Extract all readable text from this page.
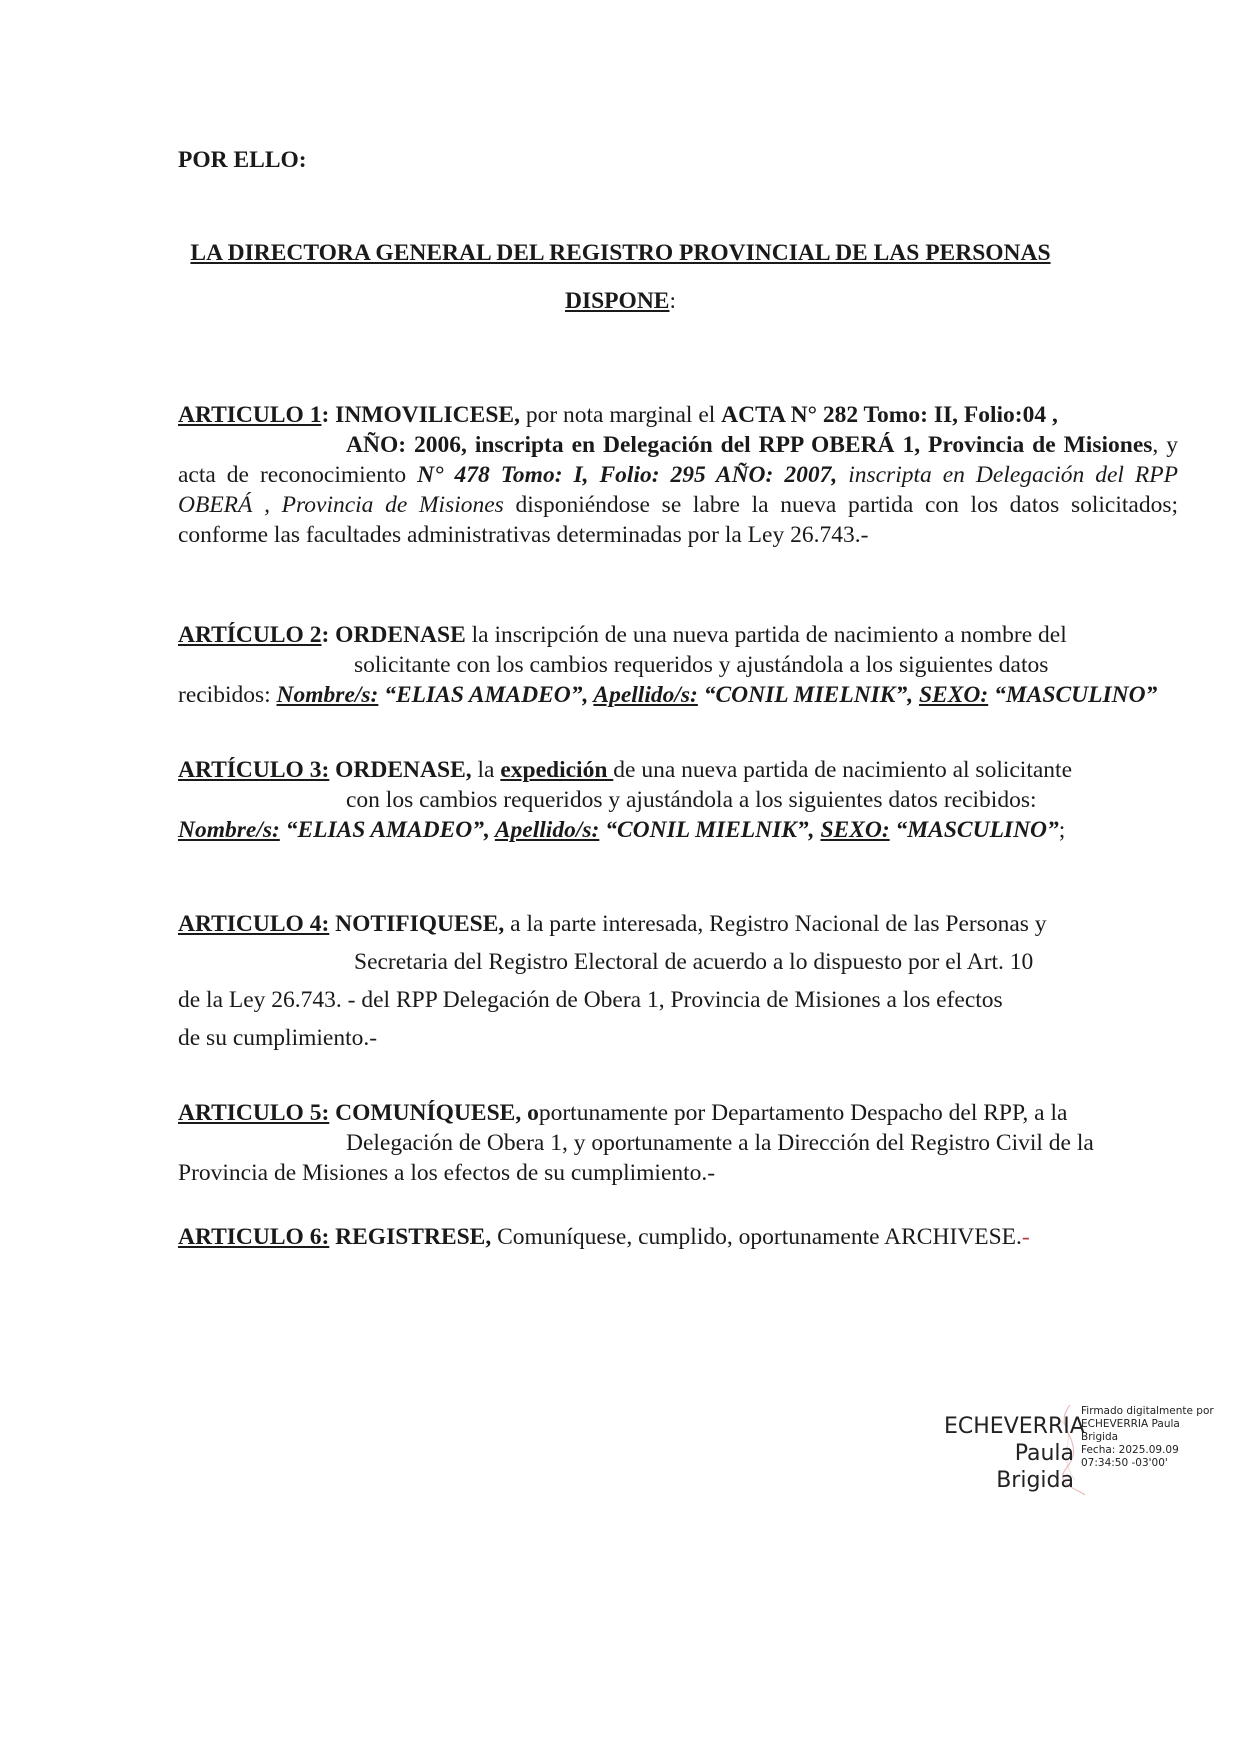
POR ELLO:
LA DIRECTORA GENERAL DEL REGISTRO PROVINCIAL DE LAS PERSONAS
DISPONE:
ARTICULO 1: INMOVILICESE, por nota marginal el ACTA N° 282 Tomo: II, Folio:04 ,
AÑO: 2006, inscripta en Delegación del RPP OBERÁ 1, Provincia de Misiones, y acta de reconocimiento N° 478 Tomo: I, Folio: 295 AÑO: 2007, inscripta en Delegación del RPP OBERÁ , Provincia de Misiones disponiéndose se labre la nueva partida con los datos solicitados; conforme las facultades administrativas determinadas por la Ley 26.743.-
ARTÍCULO 2: ORDENASE la inscripción de una nueva partida de nacimiento a nombre del
solicitante con los cambios requeridos y ajustándola a los siguientes datos
recibidos: Nombre/s: “ELIAS AMADEO”, Apellido/s: “CONIL MIELNIK”, SEXO: “MASCULINO”
ARTÍCULO 3: ORDENASE, la expedición de una nueva partida de nacimiento al solicitante
con los cambios requeridos y ajustándola a los siguientes datos recibidos:
Nombre/s: “ELIAS AMADEO”, Apellido/s: “CONIL MIELNIK”, SEXO: “MASCULINO”;
ARTICULO 4: NOTIFIQUESE, a la parte interesada, Registro Nacional de las Personas y
Secretaria del Registro Electoral de acuerdo a lo dispuesto por el Art. 10
de la Ley 26.743. - del RPP Delegación de Obera 1, Provincia de Misiones a los efectos
de su cumplimiento.-
ARTICULO 5: COMUNÍQUESE, oportunamente por Departamento Despacho del RPP, a la
Delegación de Obera 1, y oportunamente a la Dirección del Registro Civil de la
Provincia de Misiones a los efectos de su cumplimiento.-
ARTICULO 6: REGISTRESE, Comuníquese, cumplido, oportunamente ARCHIVESE.-
ECHEVERRIA
Paula Brigida
Firmado digitalmente por
ECHEVERRIA Paula
Brigida
Fecha: 2025.09.09
07:34:50 -03'00'
